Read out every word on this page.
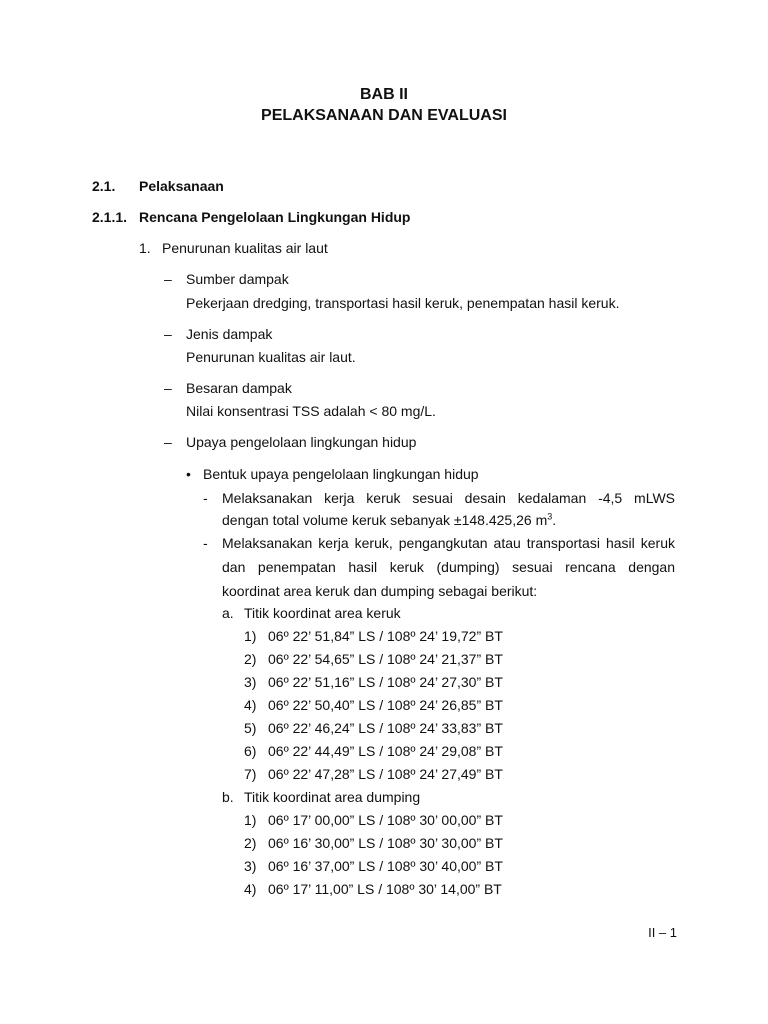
BAB II
PELAKSANAAN DAN EVALUASI
2.1. Pelaksanaan
2.1.1. Rencana Pengelolaan Lingkungan Hidup
1. Penurunan kualitas air laut
– Sumber dampak
Pekerjaan dredging, transportasi hasil keruk, penempatan hasil keruk.
– Jenis dampak
Penurunan kualitas air laut.
– Besaran dampak
Nilai konsentrasi TSS adalah < 80 mg/L.
– Upaya pengelolaan lingkungan hidup
• Bentuk upaya pengelolaan lingkungan hidup
- Melaksanakan kerja keruk sesuai desain kedalaman -4,5 mLWS
dengan total volume keruk sebanyak ±148.425,26 $m^3$.
- Melaksanakan kerja keruk, pengangkutan atau transportasi hasil keruk
dan penempatan hasil keruk (dumping) sesuai rencana dengan
koordinat area keruk dan dumping sebagai berikut:
a. Titik koordinat area keruk
1) 06º 22’ 51,84” LS / 108º 24’ 19,72” BT
2) 06º 22’ 54,65” LS / 108º 24’ 21,37” BT
3) 06º 22’ 51,16” LS / 108º 24’ 27,30” BT
4) 06º 22’ 50,40” LS / 108º 24’ 26,85” BT
5) 06º 22’ 46,24” LS / 108º 24’ 33,83” BT
6) 06º 22’ 44,49” LS / 108º 24’ 29,08” BT
7) 06º 22’ 47,28” LS / 108º 24’ 27,49” BT
b. Titik koordinat area dumping
1) 06º 17’ 00,00” LS / 108º 30’ 00,00” BT
2) 06º 16’ 30,00” LS / 108º 30’ 30,00” BT
3) 06º 16’ 37,00” LS / 108º 30’ 40,00” BT
4) 06º 17’ 11,00” LS / 108º 30’ 14,00” BT
II – 1
